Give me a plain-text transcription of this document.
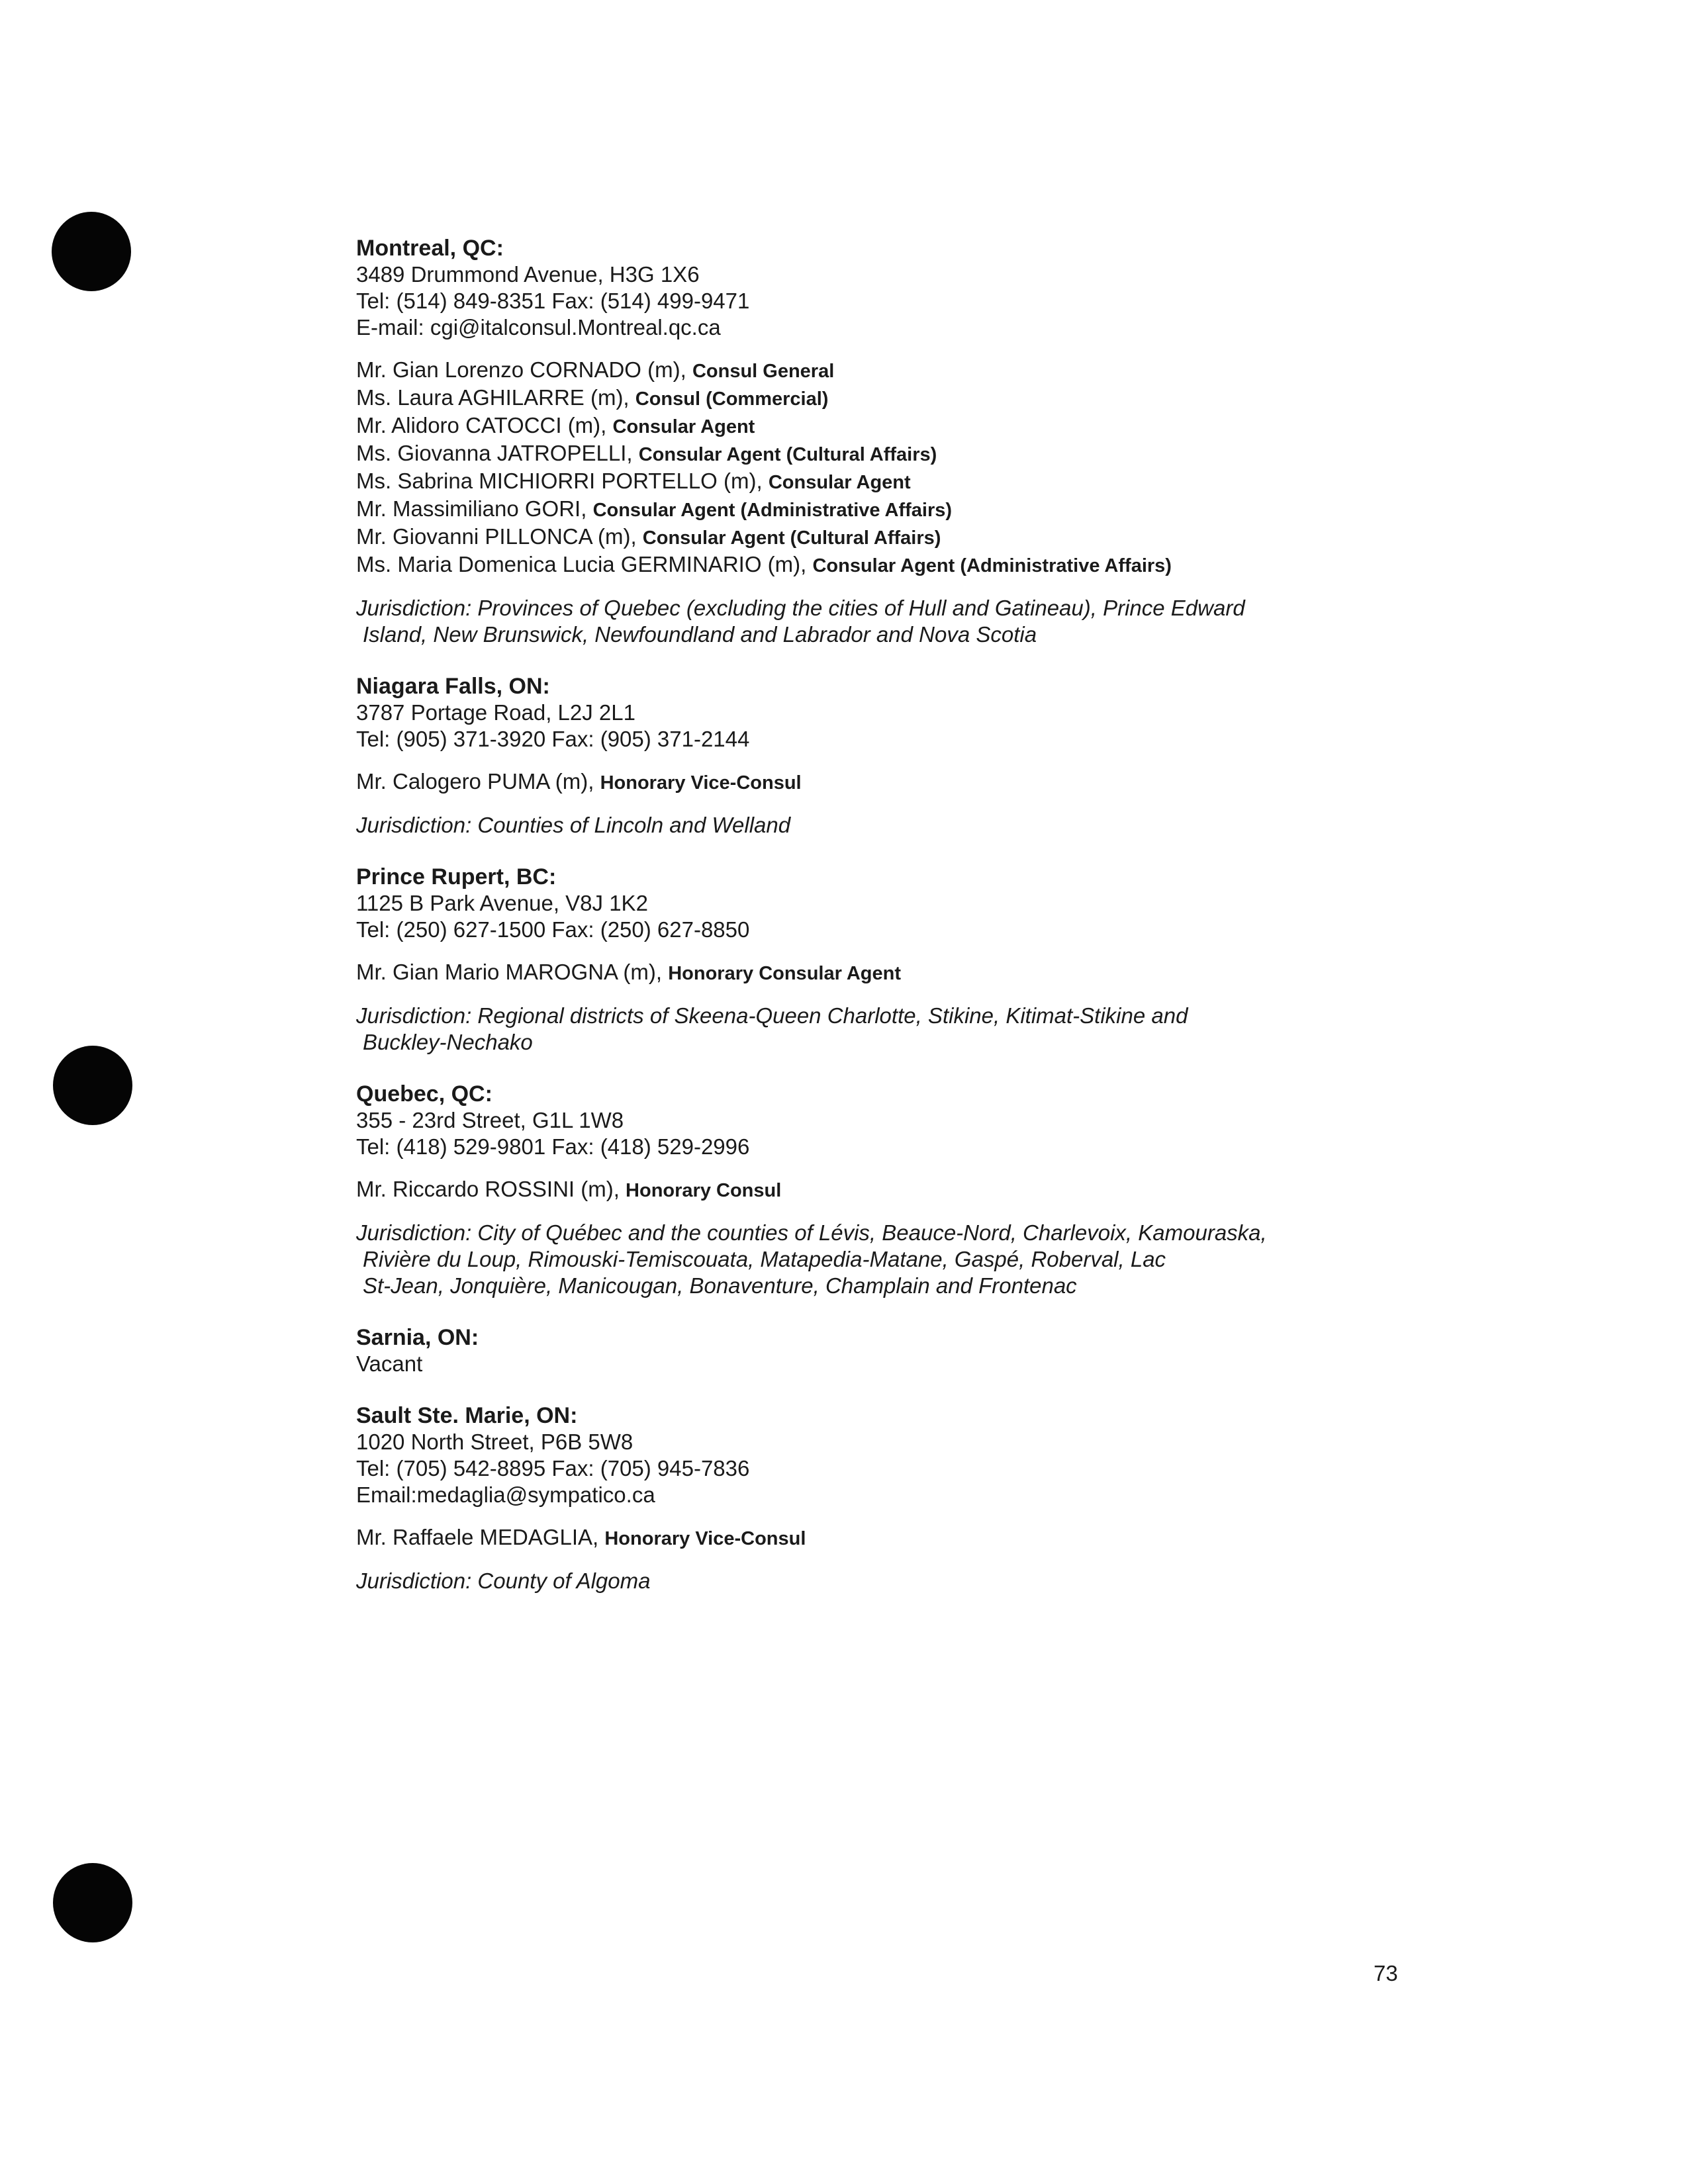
Montreal, QC:
3489 Drummond Avenue, H3G 1X6
Tel: (514) 849-8351 Fax: (514) 499-9471
E-mail: cgi@italconsul.Montreal.qc.ca
Mr. Gian Lorenzo CORNADO (m), Consul General
Ms. Laura AGHILARRE (m), Consul (Commercial)
Mr. Alidoro CATOCCI (m), Consular Agent
Ms. Giovanna JATROPELLI, Consular Agent (Cultural Affairs)
Ms. Sabrina MICHIORRI PORTELLO (m), Consular Agent
Mr. Massimiliano GORI, Consular Agent (Administrative Affairs)
Mr. Giovanni PILLONCA (m), Consular Agent (Cultural Affairs)
Ms. Maria Domenica Lucia GERMINARIO (m), Consular Agent (Administrative Affairs)
Jurisdiction: Provinces of Quebec (excluding the cities of Hull and Gatineau), Prince Edward
Island, New Brunswick, Newfoundland and Labrador and Nova Scotia
Niagara Falls, ON:
3787 Portage Road, L2J 2L1
Tel: (905) 371-3920 Fax: (905) 371-2144
Mr. Calogero PUMA (m), Honorary Vice-Consul
Jurisdiction: Counties of Lincoln and Welland
Prince Rupert, BC:
1125 B Park Avenue, V8J 1K2
Tel: (250) 627-1500 Fax: (250) 627-8850
Mr. Gian Mario MAROGNA (m), Honorary Consular Agent
Jurisdiction: Regional districts of Skeena-Queen Charlotte, Stikine, Kitimat-Stikine and
Buckley-Nechako
Quebec, QC:
355 - 23rd Street, G1L 1W8
Tel: (418) 529-9801 Fax: (418) 529-2996
Mr. Riccardo ROSSINI (m), Honorary Consul
Jurisdiction: City of Québec and the counties of Lévis, Beauce-Nord, Charlevoix, Kamouraska,
Rivière du Loup, Rimouski-Temiscouata, Matapedia-Matane, Gaspé, Roberval, Lac
St-Jean, Jonquière, Manicougan, Bonaventure, Champlain and Frontenac
Sarnia, ON:
Vacant
Sault Ste. Marie, ON:
1020 North Street, P6B 5W8
Tel: (705) 542-8895 Fax: (705) 945-7836
Email:medaglia@sympatico.ca
Mr. Raffaele MEDAGLIA, Honorary Vice-Consul
Jurisdiction: County of Algoma
73
